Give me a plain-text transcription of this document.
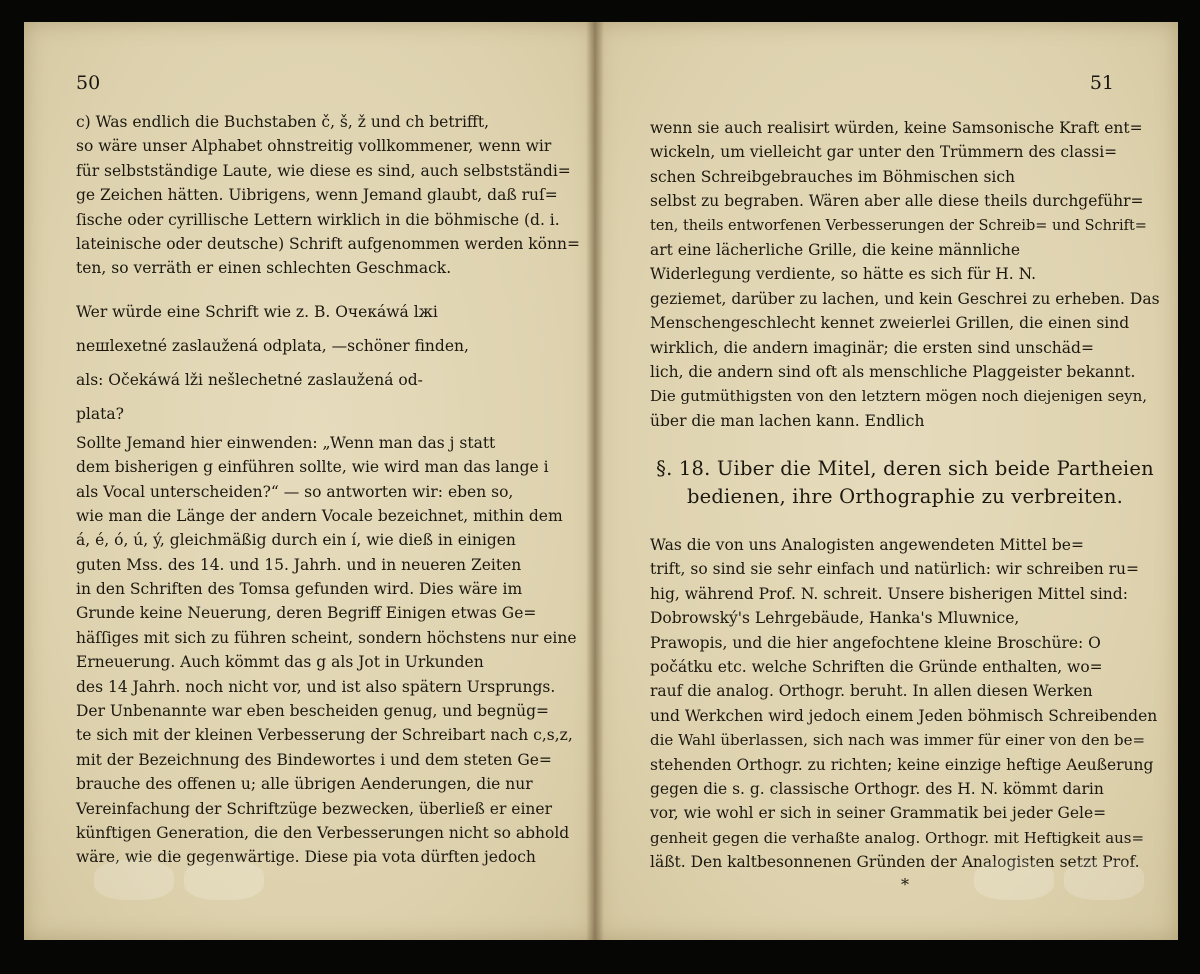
50
c) Was endlich die Buchstaben č, š, ž und ch betrifft,
so wäre unser Alphabet ohnstreitig vollkommener, wenn wir
für selbstständige Laute, wie diese es sind, auch selbstständi=
ge Zeichen hätten. Uibrigens, wenn Jemand glaubt, daß ruſ=
ſische oder cyrillische Lettern wirklich in die böhmische (d. i.
lateinische oder deutsche) Schrift aufgenommen werden könn=
ten, so verräth er einen schlechten Geschmack.
Wer würde eine Schrift wie z. B. Очекáwá lжі
neшlexetné zaslaužená odplata, —schöner finden,
als: Očekáwá lži nešlechetné zaslaužená od-
plata?
Sollte Jemand hier einwenden: „Wenn man das j statt
dem bisherigen g einführen sollte, wie wird man das lange i
als Vocal unterscheiden?“ — so antworten wir: eben so,
wie man die Länge der andern Vocale bezeichnet, mithin dem
á, é, ó, ú, ý, gleichmäßig durch ein í, wie dieß in einigen
guten Mss. des 14. und 15. Jahrh. und in neueren Zeiten
in den Schriften des Tomsa gefunden wird. Dies wäre im
Grunde keine Neuerung, deren Begriff Einigen etwas Ge=
häſſiges mit sich zu führen scheint, sondern höchstens nur eine
Erneuerung. Auch kömmt das g als Jot in Urkunden
des 14 Jahrh. noch nicht vor, und ist also spätern Ursprungs.
Der Unbenannte war eben bescheiden genug, und begnüg=
te sich mit der kleinen Verbesserung der Schreibart nach c,s,z,
mit der Bezeichnung des Bindewortes i und dem steten Ge=
brauche des offenen u; alle übrigen Aenderungen, die nur
Vereinfachung der Schriftzüge bezwecken, überließ er einer
künftigen Generation, die den Verbesserungen nicht so abhold
wäre, wie die gegenwärtige. Diese pia vota dürften jedoch
51
wenn sie auch realisirt würden, keine Samsonische Kraft ent=
wickeln, um vielleicht gar unter den Trümmern des classi=
schen Schreibgebrauches im Böhmischen sich
selbst zu begraben. Wären aber alle diese theils durchgeführ=
ten, theils entworfenen Verbesserungen der Schreib= und Schrift=
art eine lächerliche Grille, die keine männliche
Widerlegung verdiente, so hätte es sich für H. N.
geziemet, darüber zu lachen, und kein Geschrei zu erheben. Das
Menschengeschlecht kennet zweierlei Grillen, die einen sind
wirklich, die andern imaginär; die ersten sind unschäd=
lich, die andern sind oft als menschliche Plaggeister bekannt.
Die gutmüthigsten von den letztern mögen noch diejenigen seyn,
über die man lachen kann. Endlich
§. 18. Uiber die Mitel, deren sich beide Partheien
bedienen, ihre Orthographie zu verbreiten.
Was die von uns Analogisten angewendeten Mittel be=
trift, so sind sie sehr einfach und natürlich: wir schreiben ru=
hig, während Prof. N. schreit. Unsere bisherigen Mittel sind:
Dobrowský's Lehrgebäude, Hanka's Mluwnice,
Prawopis, und die hier angefochtene kleine Broschüre: O
počátku etc. welche Schriften die Gründe enthalten, wo=
rauf die analog. Orthogr. beruht. In allen diesen Werken
und Werkchen wird jedoch einem Jeden böhmisch Schreibenden
die Wahl überlassen, sich nach was immer für einer von den be=
stehenden Orthogr. zu richten; keine einzige heftige Aeußerung
gegen die s. g. classische Orthogr. des H. N. kömmt darin
vor, wie wohl er sich in seiner Grammatik bei jeder Gele=
genheit gegen die verhaßte analog. Orthogr. mit Heftigkeit aus=
läßt. Den kaltbesonnenen Gründen der Analogisten setzt Prof.
*
